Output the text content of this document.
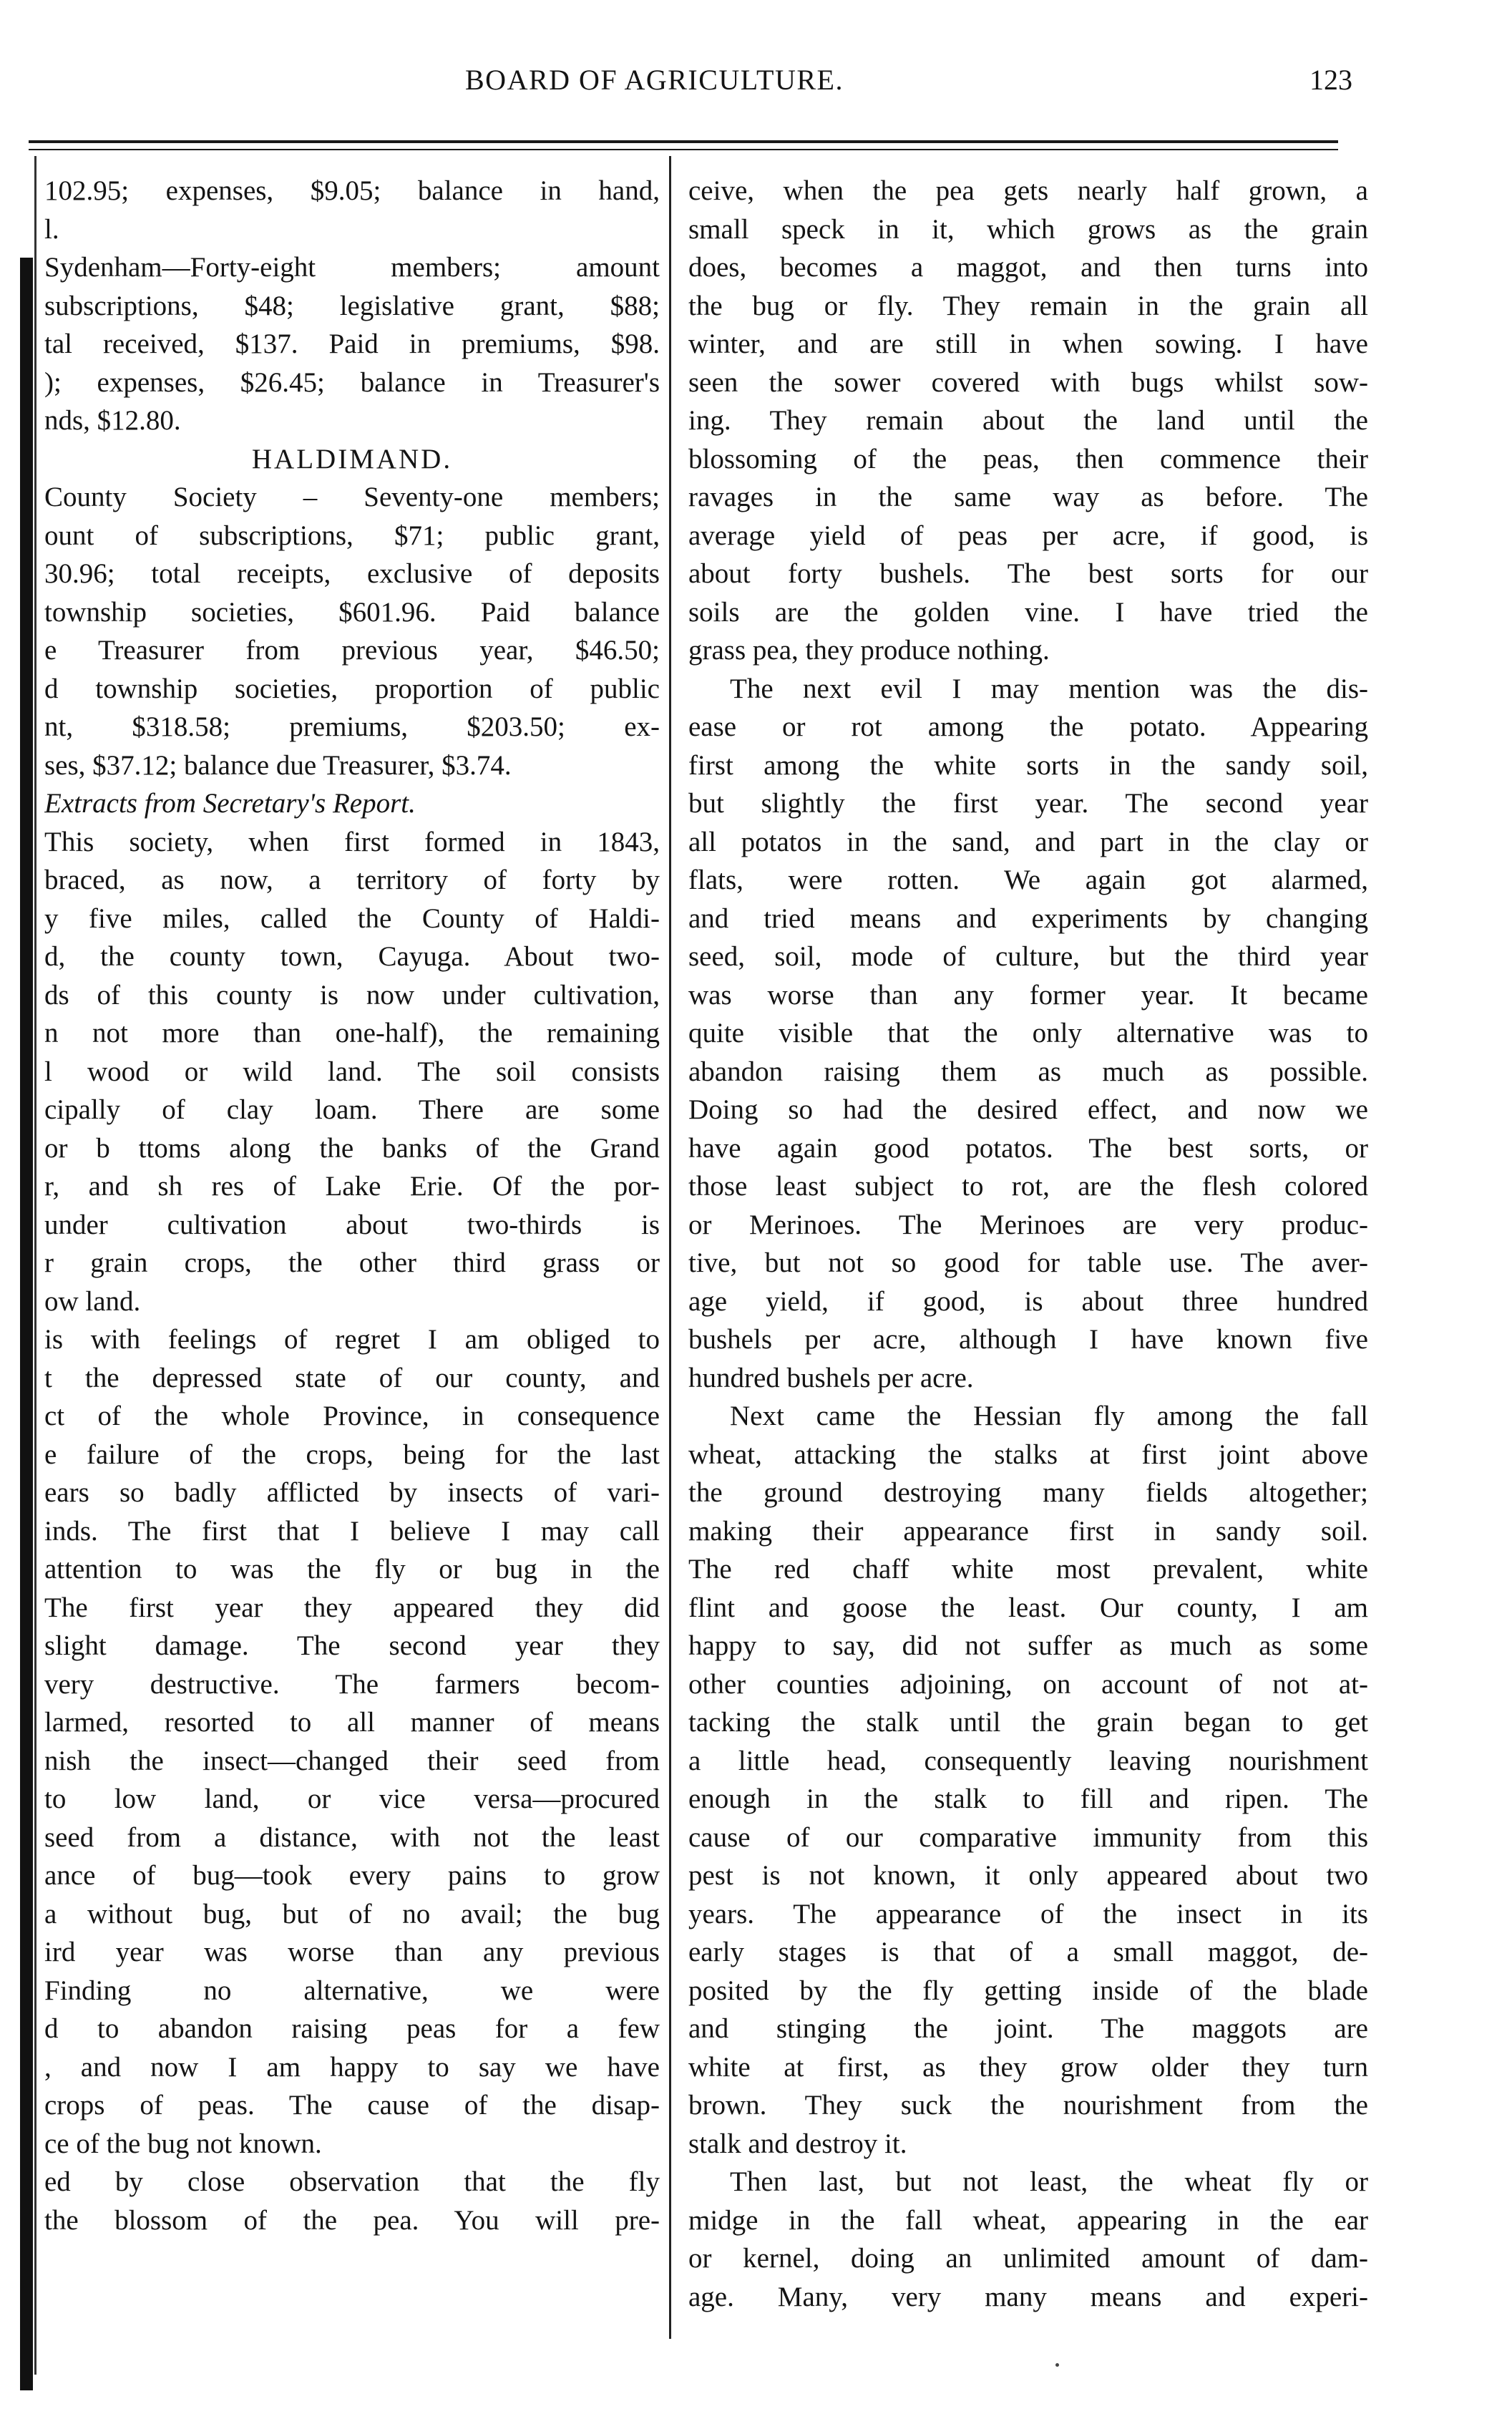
BOARD OF AGRICULTURE.	123
102.95; expenses, $9.05; balance in hand,
l.
Sydenham—Forty-eight members; amount
subscriptions, $48; legislative grant, $88;
tal received, $137. Paid in premiums, $98.
); expenses, $26.45; balance in Treasurer's
nds, $12.80.
HALDIMAND.
County Society – Seventy-one members;
ount of subscriptions, $71; public grant,
30.96; total receipts, exclusive of deposits
township societies, $601.96. Paid balance
e Treasurer from previous year, $46.50;
d township societies, proportion of public
nt, $318.58; premiums, $203.50; ex-
ses, $37.12; balance due Treasurer, $3.74.
Extracts from Secretary's Report.
This society, when first formed in 1843,
braced, as now, a territory of forty by
y five miles, called the County of Haldi-
d, the county town, Cayuga. About two-
ds of this county is now under cultivation,
n not more than one-half), the remaining
l wood or wild land. The soil consists
cipally of clay loam. There are some
or b ttoms along the banks of the Grand
r, and sh res of Lake Erie. Of the por-
under cultivation about two-thirds is
r grain crops, the other third grass or
ow land.
is with feelings of regret I am obliged to
t the depressed state of our county, and
ct of the whole Province, in consequence
e failure of the crops, being for the last
ears so badly afflicted by insects of vari-
inds. The first that I believe I may call
attention to was the fly or bug in the
The first year they appeared they did
slight damage. The second year they
very destructive. The farmers becom-
larmed, resorted to all manner of means
nish the insect—changed their seed from
to low land, or vice versa—procured
seed from a distance, with not the least
ance of bug—took every pains to grow
a without bug, but of no avail; the bug
ird year was worse than any previous
Finding no alternative, we were
d to abandon raising peas for a few
, and now I am happy to say we have
crops of peas. The cause of the disap-
ce of the bug not known.
ed by close observation that the fly
the blossom of the pea. You will pre-
ceive, when the pea gets nearly half grown, a
small speck in it, which grows as the grain
does, becomes a maggot, and then turns into
the bug or fly. They remain in the grain all
winter, and are still in when sowing. I have
seen the sower covered with bugs whilst sow-
ing. They remain about the land until the
blossoming of the peas, then commence their
ravages in the same way as before. The
average yield of peas per acre, if good, is
about forty bushels. The best sorts for our
soils are the golden vine. I have tried the
grass pea, they produce nothing.
The next evil I may mention was the dis-
ease or rot among the potato. Appearing
first among the white sorts in the sandy soil,
but slightly the first year. The second year
all potatos in the sand, and part in the clay or
flats, were rotten. We again got alarmed,
and tried means and experiments by changing
seed, soil, mode of culture, but the third year
was worse than any former year. It became
quite visible that the only alternative was to
abandon raising them as much as possible.
Doing so had the desired effect, and now we
have again good potatos. The best sorts, or
those least subject to rot, are the flesh colored
or Merinoes. The Merinoes are very produc-
tive, but not so good for table use. The aver-
age yield, if good, is about three hundred
bushels per acre, although I have known five
hundred bushels per acre.
Next came the Hessian fly among the fall
wheat, attacking the stalks at first joint above
the ground destroying many fields altogether;
making their appearance first in sandy soil.
The red chaff white most prevalent, white
flint and goose the least. Our county, I am
happy to say, did not suffer as much as some
other counties adjoining, on account of not at-
tacking the stalk until the grain began to get
a little head, consequently leaving nourishment
enough in the stalk to fill and ripen. The
cause of our comparative immunity from this
pest is not known, it only appeared about two
years. The appearance of the insect in its
early stages is that of a small maggot, de-
posited by the fly getting inside of the blade
and stinging the joint. The maggots are
white at first, as they grow older they turn
brown. They suck the nourishment from the
stalk and destroy it.
Then last, but not least, the wheat fly or
midge in the fall wheat, appearing in the ear
or kernel, doing an unlimited amount of dam-
age. Many, very many means and experi-
